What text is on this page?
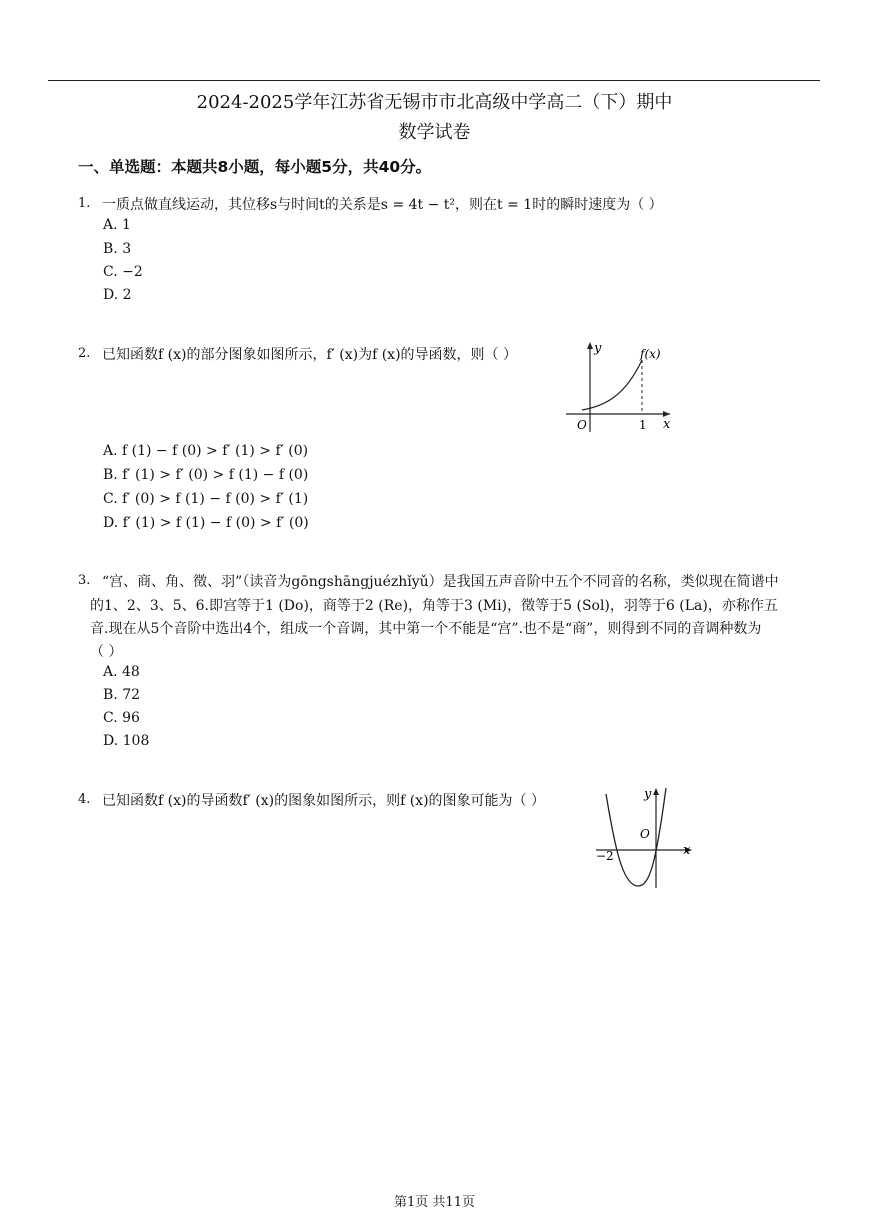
2024-2025学年江苏省无锡市市北高级中学高二（下）期中
数学试卷
一、单选题：本题共8小题，每小题5分，共40分。
1. 一质点做直线运动，其位移s与时间t的关系是s = 4t − t²，则在t = 1时的瞬时速度为（ ）
A. 1
B. 3
C. −2
D. 2
2. 已知函数f (x)的部分图象如图所示，f′ (x)为f (x)的导函数，则（ ）	y
x
f(x)
O	1
A. f (1) − f (0) > f′ (1) > f′ (0)
B. f′ (1) > f′ (0) > f (1) − f (0)
C. f′ (0) > f (1) − f (0) > f′ (1)
D. f′ (1) > f (1) − f (0) > f′ (0)
3. “宫、商、角、徵、羽”（读音为gōngshāngjuézhǐyǔ）是我国五声音阶中五个不同音的名称，类似现在简谱中
的1、2、3、5、6.即宫等于1 (Do)，商等于2 (Re)，角等于3 (Mi)，徵等于5 (Sol)，羽等于6 (La)，亦称作五
音.现在从5个音阶中选出4个，组成一个音调，其中第一个不能是“宫”.也不是“商”，则得到不同的音调种数为
（ ）
A. 48
B. 72
C. 96
D. 108
4. 已知函数f (x)的导函数f′ (x)的图象如图所示，则f (x)的图象可能为（ ）	y
x
O
−2
第1页 共11页
